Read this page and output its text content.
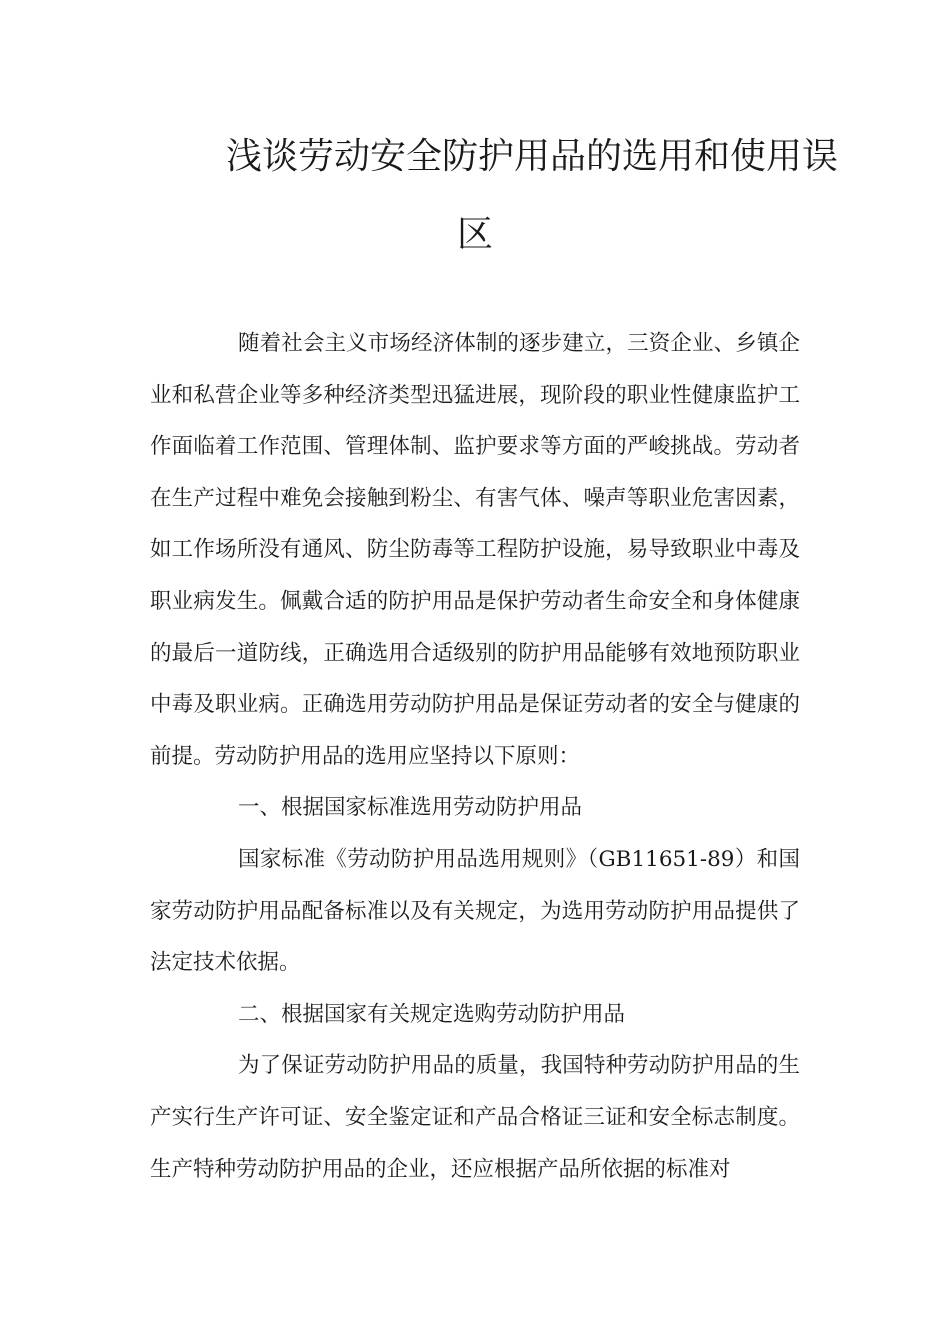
浅谈劳动安全防护用品的选用和使用误
区

随着社会主义市场经济体制的逐步建立，三资企业、乡镇企业和私营企业等多种经济类型迅猛进展，现阶段的职业性健康监护工作面临着工作范围、管理体制、监护要求等方面的严峻挑战。劳动者在生产过程中难免会接触到粉尘、有害气体、噪声等职业危害因素，如工作场所没有通风、防尘防毒等工程防护设施，易导致职业中毒及职业病发生。佩戴合适的防护用品是保护劳动者生命安全和身体健康的最后一道防线，正确选用合适级别的防护用品能够有效地预防职业中毒及职业病。正确选用劳动防护用品是保证劳动者的安全与健康的前提。劳动防护用品的选用应坚持以下原则：

一、根据国家标准选用劳动防护用品

国家标准《劳动防护用品选用规则》（GB11651-89）和国家劳动防护用品配备标准以及有关规定，为选用劳动防护用品提供了法定技术依据。

二、根据国家有关规定选购劳动防护用品

为了保证劳动防护用品的质量，我国特种劳动防护用品的生产实行生产许可证、安全鉴定证和产品合格证三证和安全标志制度。生产特种劳动防护用品的企业，还应根据产品所依据的标准对
